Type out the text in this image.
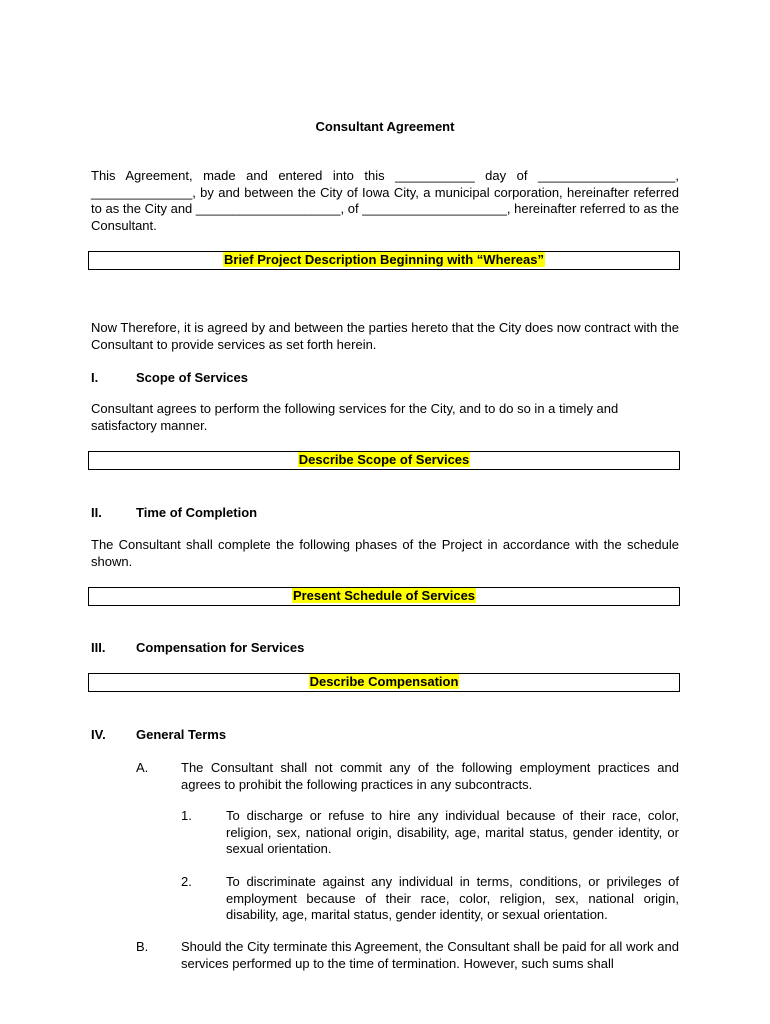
Consultant Agreement
This Agreement, made and entered into this ___________ day of ___________________, ______________, by and between the City of Iowa City, a municipal corporation, hereinafter referred to as the City and ____________________, of ____________________, hereinafter referred to as the Consultant.
Brief Project Description Beginning with “Whereas”
Now Therefore, it is agreed by and between the parties hereto that the City does now contract with the Consultant to provide services as set forth herein.
I.	Scope of Services
Consultant agrees to perform the following services for the City, and to do so in a timely and satisfactory manner.
Describe Scope of Services
II.	Time of Completion
The Consultant shall complete the following phases of the Project in accordance with the schedule shown.
Present Schedule of Services
III.	Compensation for Services
Describe Compensation
IV.	General Terms
A.	The Consultant shall not commit any of the following employment practices and agrees to prohibit the following practices in any subcontracts.
1.	To discharge or refuse to hire any individual because of their race, color, religion, sex, national origin, disability, age, marital status, gender identity, or sexual orientation.
2.	To discriminate against any individual in terms, conditions, or privileges of employment because of their race, color, religion, sex, national origin, disability, age, marital status, gender identity, or sexual orientation.
B.	Should the City terminate this Agreement, the Consultant shall be paid for all work and services performed up to the time of termination. However, such sums shall
